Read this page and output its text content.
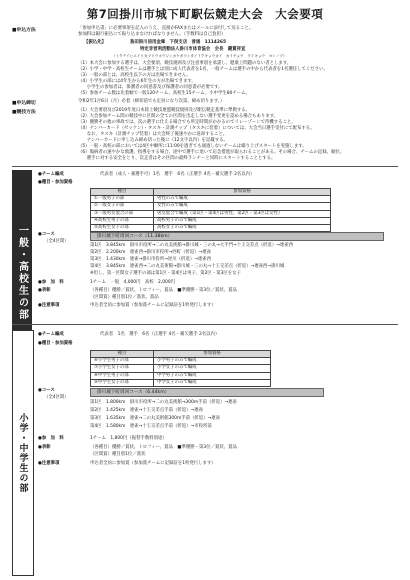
第7回掛川市城下町駅伝競走大会　大会要項
■申込方法	「参加申込書」に必要事項を記入のうえ、直接かFAXまたはメールに添付して送ること。
参加料は銀行振込にて振り込まなければなりません。（手数料は自己負担）
【振込先】	島田掛川信用金庫　下俣支店　普通　1114265
特定非営利活動法人掛川市体育協会　会長　鍵賞祥宣
（トクテイヒエイリカツドウホウジンカケガワシタイイクキョウカイ　カイチョウ　ライキョウ　ヨシノブ）
（1）本大会に参加する選手は、大会要項、競技規則及び注意事項を承諾し、健康上問題のない者とします。
（2）小学・中学・高校生チームは選手とは別に成人代表者を1名、一般チームは選手の中から代表者を1名選任してください。
（3）一般の部とは、高校生以下の方は出場できません。
（4）小学生の部には4年生から6年生の方が出場できます。
　　小学生の参加者は、保護者の同意書及び保護者の同意書が必要です。
（5）参加チーム数は先着順で一般120チーム、高校生15チーム、小中学生80チーム。
■申込締切	令和2年1月6日（月）必着（締切前でも定員になり次第、締め切ります。）
■競技方法	（1）大会要項及び2019年度日本陸上競技連盟競技規則及び駅伝競走基準に準拠する。
（2）大会参加チーム間の競技中に区間の全ての区間を出走しない選手変更を認める場合もあります。
（3）優勝その他の事故では、次の選手に仕える場合でも所定時間がかかるのでリレーゾーンで待機すること。
（4）ナンバーカード（ゼッケン）・タスキ・計測チップ（タスキに装着）については、大会当日選手受付にて配布する。
　　なお、タスキ（計測チップ装着）は大会終了後速やかに返却すること。
　　ナンバーカードに申し込み締め切った後に（12文字以内）を記載する。
（5）一般・高校の部においては4区中継所に11:00を過ぎても通過しないチームは繰り上げスタートを実施します。
（6）傷病者の速やかな救護、指導をする場合、途中で選手に退いて応急措置が取られることがある。その場合、チームの記録、順位、
　　選手に対する安全をとり、次走者はその区間の最終ランナーと同時にスタートすることとする。
一般・高校生の部
●チーム編成	代表者（成人・兼選手可）1名　選手　6名（正選手 4名・補欠選手 2名以内）
●種目・参加資格
種目	参加資格
①一般男子の部	男性のみで編成
②一般女子の部	女性のみで編成
③一般男女混合の部	男女混合で編成（第1区・第4区は男性、第2区・第3区は女性）
④高校生男子の部	高校男子のみで編成
⑤高校生女子の部	高校女子のみで編成
●コース
（全4区間）
掛川城下町周回コース（11.38km）
第1区　 3.845km　 掛川市役所→二の丸美術館→掛川城・三の丸→大手門→十王交差点（折返）→連雀西
第2区　 2.200km　 連雀西→掛川市役所→西町（折返）→連雀
第3区　 1.430km　 連雀→掛川市役所→逆川（折返）→連雀西
第4区　 3.845km　 連雀西→二の丸美術館→掛川城・三の丸→十王交差点（折返）→連雀西→掛川城
※但し、第一区間女子選手の部は第1区・第4区は男子、第2区・第3区を女子
●参　加　料	1チーム　一般　4,000円　高校　2,000円
●表彰	（各種目）優勝／賞状、トロフィー、賞品　■準優勝・第3位／賞状、賞品
（区間賞）種目別1位／賞状、賞品
●注意事項	申込者全員に参加賞（参加賞チームに記録証を1枚発行します）
小学・中学生の部
●チーム編成	代表者　1名　選手　6名（正選手 4名・補欠選手 2名以内）
●種目・参加資格
種目	参加資格
⑥小学生男子の部	小学男子のみで編成
⑦小学生女子の部	小学女子のみで編成
⑧中学生男子の部	中学男子のみで編成
⑨中学生女子の部	中学女子のみで編成
●コース
（全4区間）
掛川城下町周回コース（6.44km）
第1区　 1.800km　 掛川市役所→二の丸美術館→300m手前（折返）→連雀
第2区　 1.425km　 連雀→十王交差点手前（折返）→連雀
第3区　 1.635km　 連雀→二の丸美術館300m手前（折返）→連雀
第4区　 1.580km　 連雀→十王交差点手前（折返）→市役所前
●参　加　料	1チーム　1,800円（振替手数料別途）
●表彰	（各種目）優勝／賞状、トロフィー、賞品　■準優勝・第3位／賞状、賞品
（区間賞）種目別1位／賞状
●注意事項	申込者全員に参加賞（参加賞チームに記録証を1枚発行します）
